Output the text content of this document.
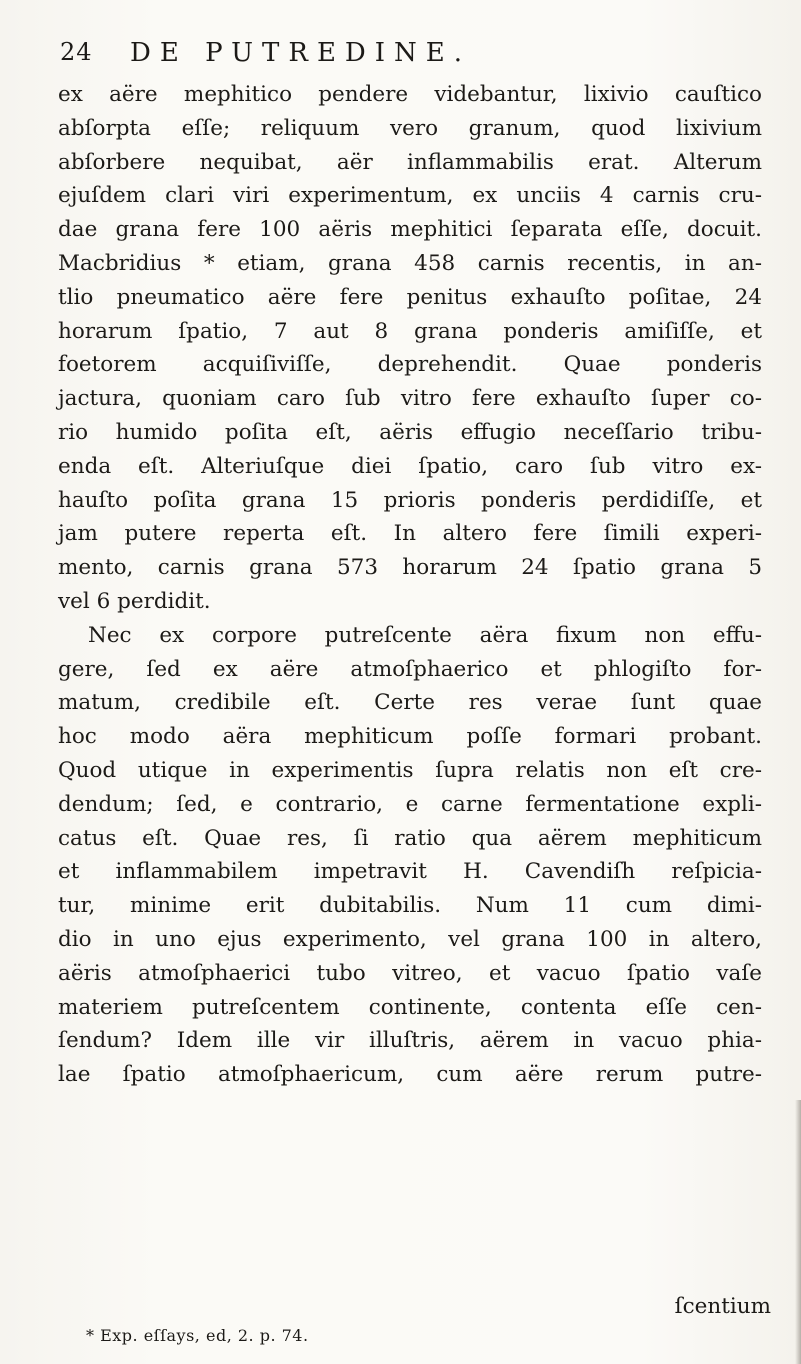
24 DE PUTREDINE.
ex aëre mephitico pendere videbantur, lixivio cauſtico
abſorpta eſſe; reliquum vero granum, quod lixivium
abſorbere nequibat, aër inflammabilis erat. Alterum
ejuſdem clari viri experimentum, ex unciis 4 carnis cru-
dae grana fere 100 aëris mephitici ſeparata eſſe, docuit.
Macbridius * etiam, grana 458 carnis recentis, in an-
tlio pneumatico aëre fere penitus exhauſto poſitae, 24
horarum ſpatio, 7 aut 8 grana ponderis amiſiſſe, et
foetorem acquiſiviſſe, deprehendit. Quae ponderis
jactura, quoniam caro ſub vitro fere exhauſto ſuper co-
rio humido poſita eſt, aëris effugio neceſſario tribu-
enda eſt. Alteriuſque diei ſpatio, caro ſub vitro ex-
hauſto poſita grana 15 prioris ponderis perdidiſſe, et
jam putere reperta eſt. In altero fere ſimili experi-
mento, carnis grana 573 horarum 24 ſpatio grana 5
vel 6 perdidit.
Nec ex corpore putreſcente aëra fixum non effu-
gere, ſed ex aëre atmoſphaerico et phlogiſto for-
matum, credibile eſt. Certe res verae ſunt quae
hoc modo aëra mephiticum poſſe formari probant.
Quod utique in experimentis ſupra relatis non eſt cre-
dendum; ſed, e contrario, e carne fermentatione expli-
catus eſt. Quae res, ſi ratio qua aërem mephiticum
et inflammabilem impetravit H. Cavendiſh reſpicia-
tur, minime erit dubitabilis. Num 11 cum dimi-
dio in uno ejus experimento, vel grana 100 in altero,
aëris atmoſphaerici tubo vitreo, et vacuo ſpatio vaſe
materiem putreſcentem continente, contenta eſſe cen-
ſendum? Idem ille vir illuſtris, aërem in vacuo phia-
lae ſpatio atmoſphaericum, cum aëre rerum putre-
ſcentium
* Exp. eſſays, ed, 2. p. 74.
